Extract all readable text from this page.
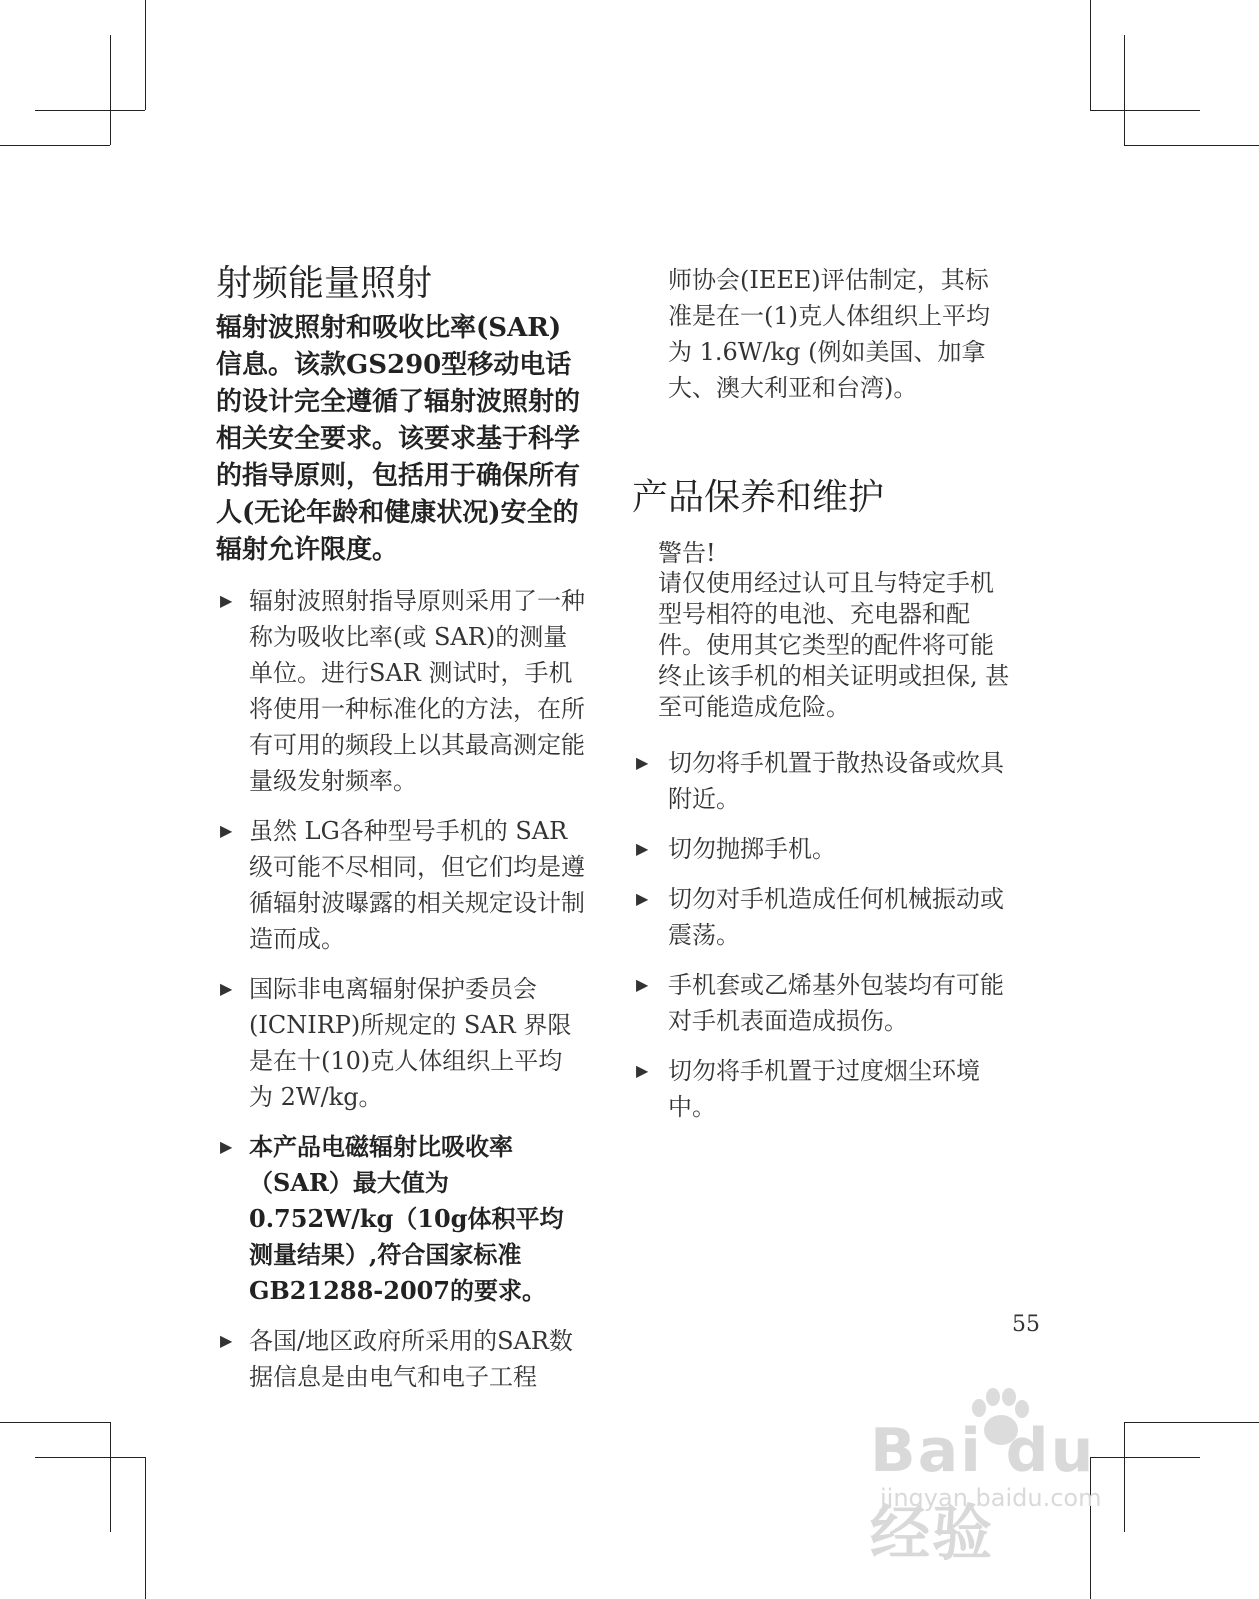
射频能量照射

辐射波照射和吸收比率(SAR)信息。该款GS290型移动电话的设计完全遵循了辐射波照射的相关安全要求。该要求基于科学的指导原则，包括用于确保所有人(无论年龄和健康状况)安全的辐射允许限度。

▶ 辐射波照射指导原则采用了一种称为吸收比率(或 SAR)的测量单位。进行SAR 测试时，手机将使用一种标准化的方法，在所有可用的频段上以其最高测定能量级发射频率。
▶ 虽然 LG各种型号手机的 SAR级可能不尽相同，但它们均是遵循辐射波曝露的相关规定设计制造而成。
▶ 国际非电离辐射保护委员会(ICNIRP)所规定的 SAR 界限是在十(10)克人体组织上平均为 2W/kg。
▶ 本产品电磁辐射比吸收率（SAR）最大值为0.752W/kg（10g体积平均测量结果）,符合国家标准GB21288-2007的要求。
▶ 各国/地区政府所采用的SAR数据信息是由电气和电子工程

师协会(IEEE)评估制定，其标准是在一(1)克人体组织上平均为 1.6W/kg (例如美国、加拿大、澳大利亚和台湾)。

产品保养和维护
警告!

请仅使用经过认可且与特定手机型号相符的电池、充电器和配件。使用其它类型的配件将可能终止该手机的相关证明或担保, 甚至可能造成危险。

▶ 切勿将手机置于散热设备或炊具附近。
▶ 切勿抛掷手机。
▶ 切勿对手机造成任何机械振动或震荡。
▶ 手机套或乙烯基外包装均有可能对手机表面造成损伤。
▶ 切勿将手机置于过度烟尘环境中。
55
Bai du 经验
jingyan.baidu.com
